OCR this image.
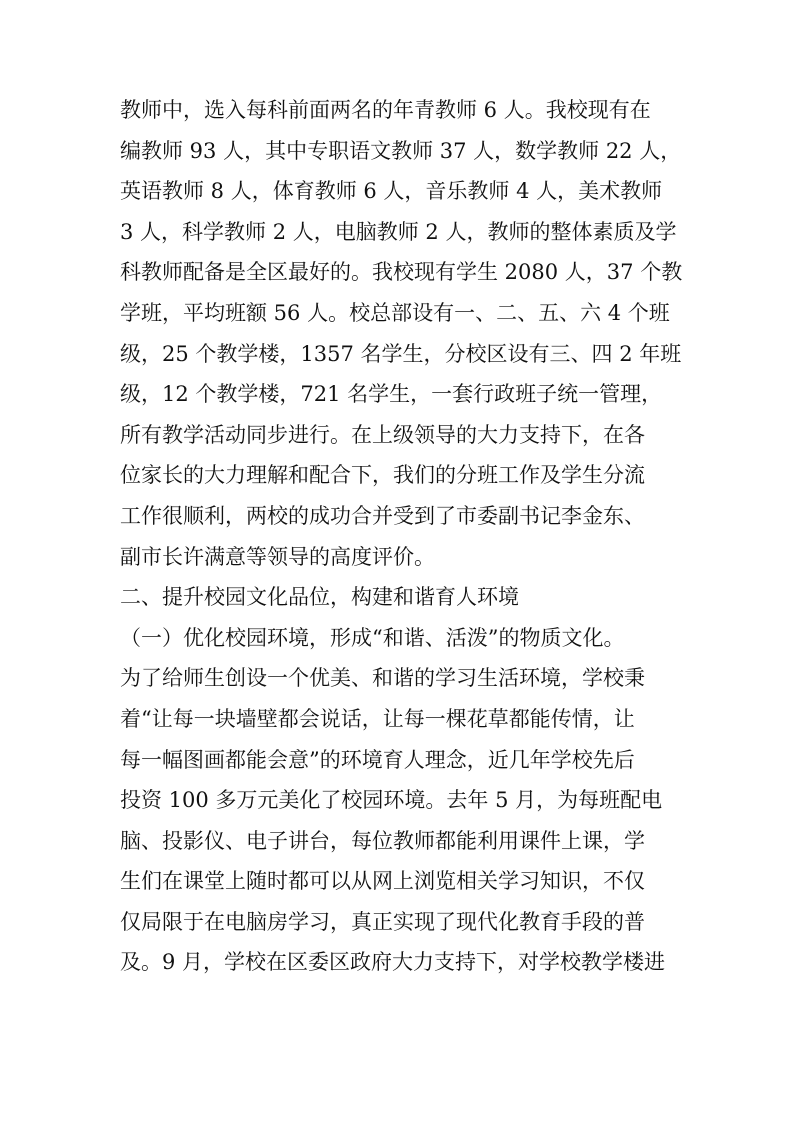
教师中，选入每科前面两名的年青教师 6 人。我校现有在
编教师 93 人，其中专职语文教师 37 人，数学教师 22 人，
英语教师 8 人，体育教师 6 人，音乐教师 4 人，美术教师
3 人，科学教师 2 人，电脑教师 2 人，教师的整体素质及学
科教师配备是全区最好的。我校现有学生 2080 人，37 个教
学班，平均班额 56 人。校总部设有一、二、五、六 4 个班
级，25 个教学楼，1357 名学生，分校区设有三、四 2 年班
级，12 个教学楼，721 名学生，一套行政班子统一管理，
所有教学活动同步进行。在上级领导的大力支持下，在各
位家长的大力理解和配合下，我们的分班工作及学生分流
工作很顺利，两校的成功合并受到了市委副书记李金东、
副市长许满意等领导的高度评价。
二、提升校园文化品位，构建和谐育人环境
（一）优化校园环境，形成“和谐、活泼”的物质文化。
为了给师生创设一个优美、和谐的学习生活环境，学校秉
着“让每一块墙壁都会说话，让每一棵花草都能传情，让
每一幅图画都能会意”的环境育人理念，近几年学校先后
投资 100 多万元美化了校园环境。去年 5 月，为每班配电
脑、投影仪、电子讲台，每位教师都能利用课件上课，学
生们在课堂上随时都可以从网上浏览相关学习知识，不仅
仅局限于在电脑房学习，真正实现了现代化教育手段的普
及。9 月，学校在区委区政府大力支持下，对学校教学楼进
